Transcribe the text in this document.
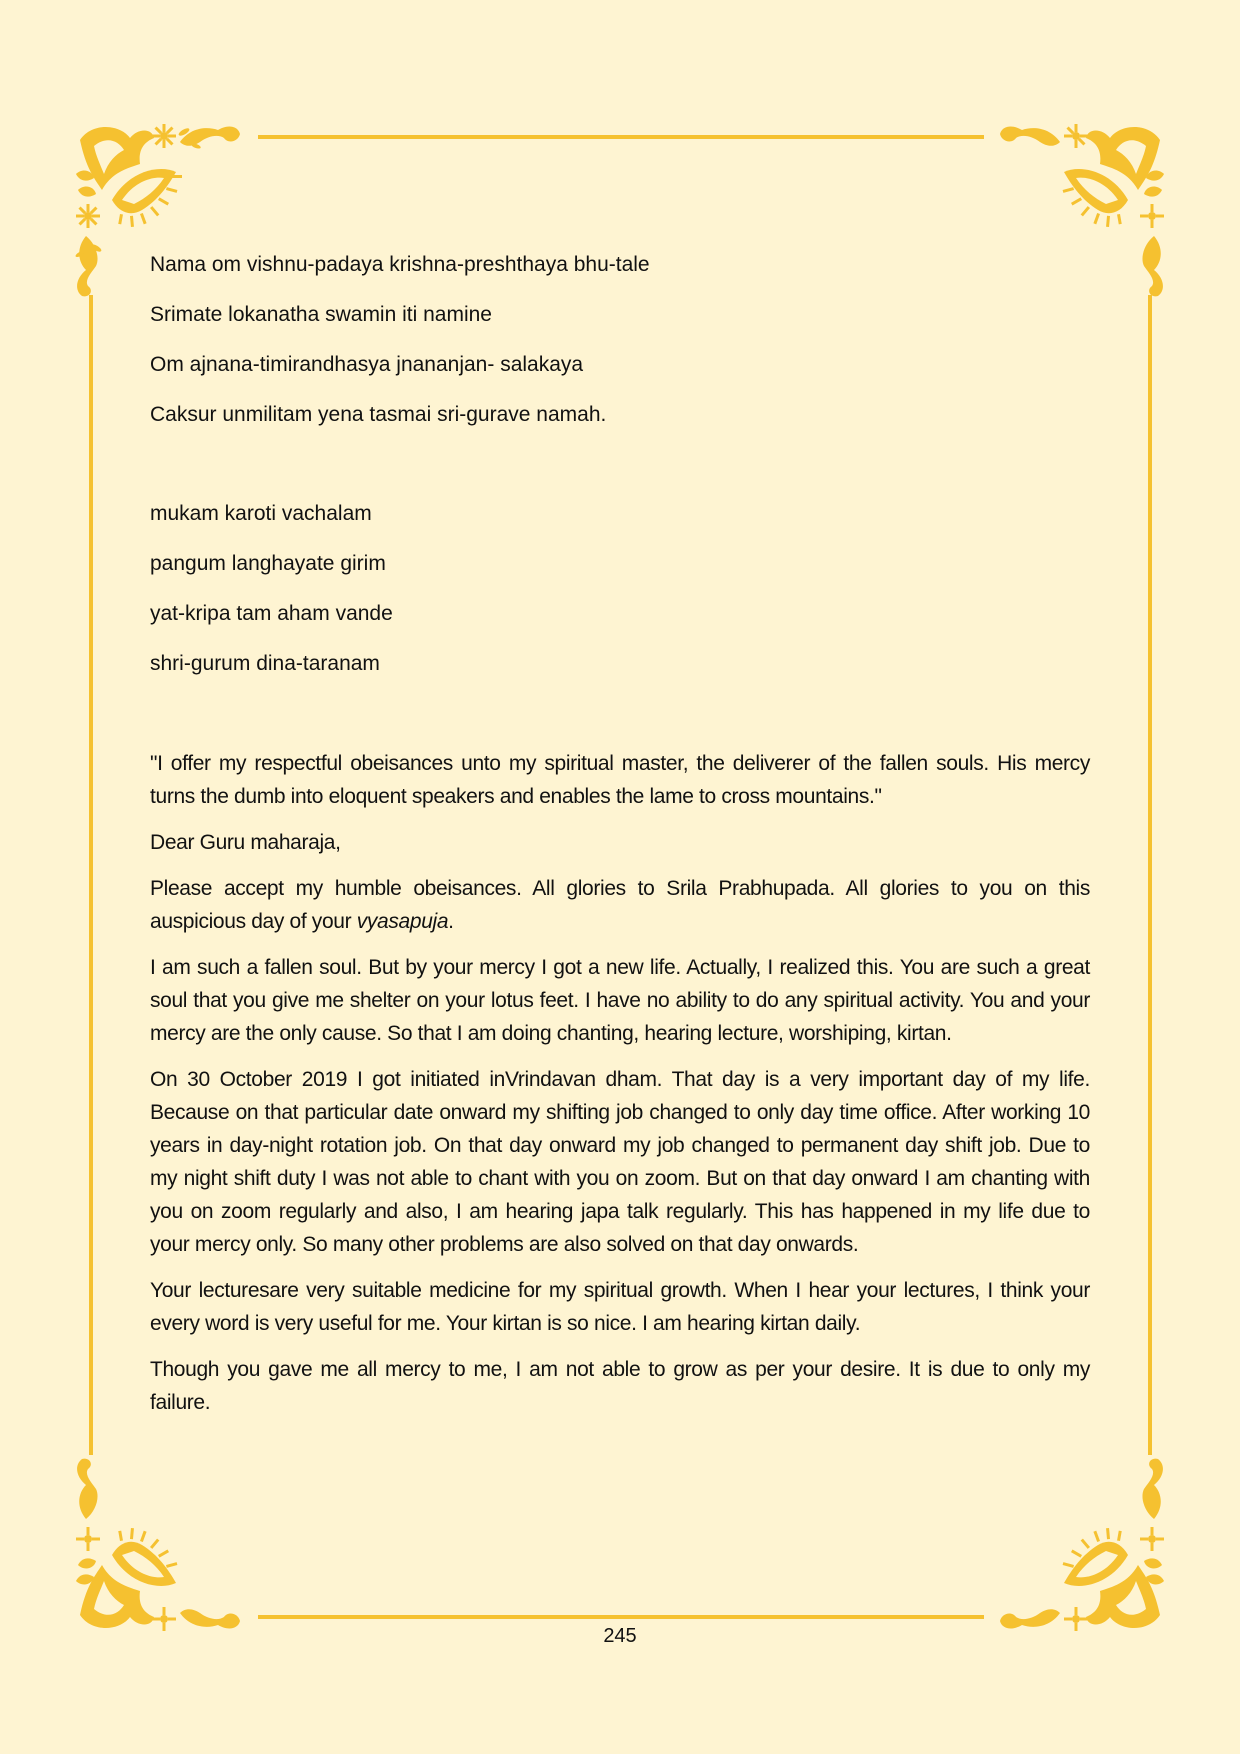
Nama om vishnu-padaya krishna-preshthaya bhu-tale

Srimate lokanatha swamin iti namine

Om ajnana-timirandhasya jnananjan- salakaya

Caksur unmilitam yena tasmai sri-gurave namah.

mukam karoti vachalam

pangum langhayate girim

yat-kripa tam aham vande

shri-gurum dina-taranam

"I offer my respectful obeisances unto my spiritual master, the deliverer of the fallen souls. His mercy turns the dumb into eloquent speakers and enables the lame to cross mountains."

Dear Guru maharaja,

Please accept my humble obeisances. All glories to Srila Prabhupada. All glories to you on this auspicious day of your vyasapuja.

I am such a fallen soul. But by your mercy I got a new life. Actually, I realized this. You are such a great soul that you give me shelter on your lotus feet. I have no ability to do any spiritual activity. You and your mercy are the only cause. So that I am doing chanting, hearing lecture, worshiping, kirtan.

On 30 October 2019 I got initiated inVrindavan dham. That day is a very important day of my life. Because on that particular date onward my shifting job changed to only day time office. After working 10 years in day-night rotation job. On that day onward my job changed to permanent day shift job. Due to my night shift duty I was not able to chant with you on zoom. But on that day onward I am chanting with you on zoom regularly and also, I am hearing japa talk regularly. This has happened in my life due to your mercy only. So many other problems are also solved on that day onwards.

Your lecturesare very suitable medicine for my spiritual growth. When I hear your lectures, I think your every word is very useful for me. Your kirtan is so nice. I am hearing kirtan daily.

Though you gave me all mercy to me, I am not able to grow as per your desire. It is due to only my failure.

245
